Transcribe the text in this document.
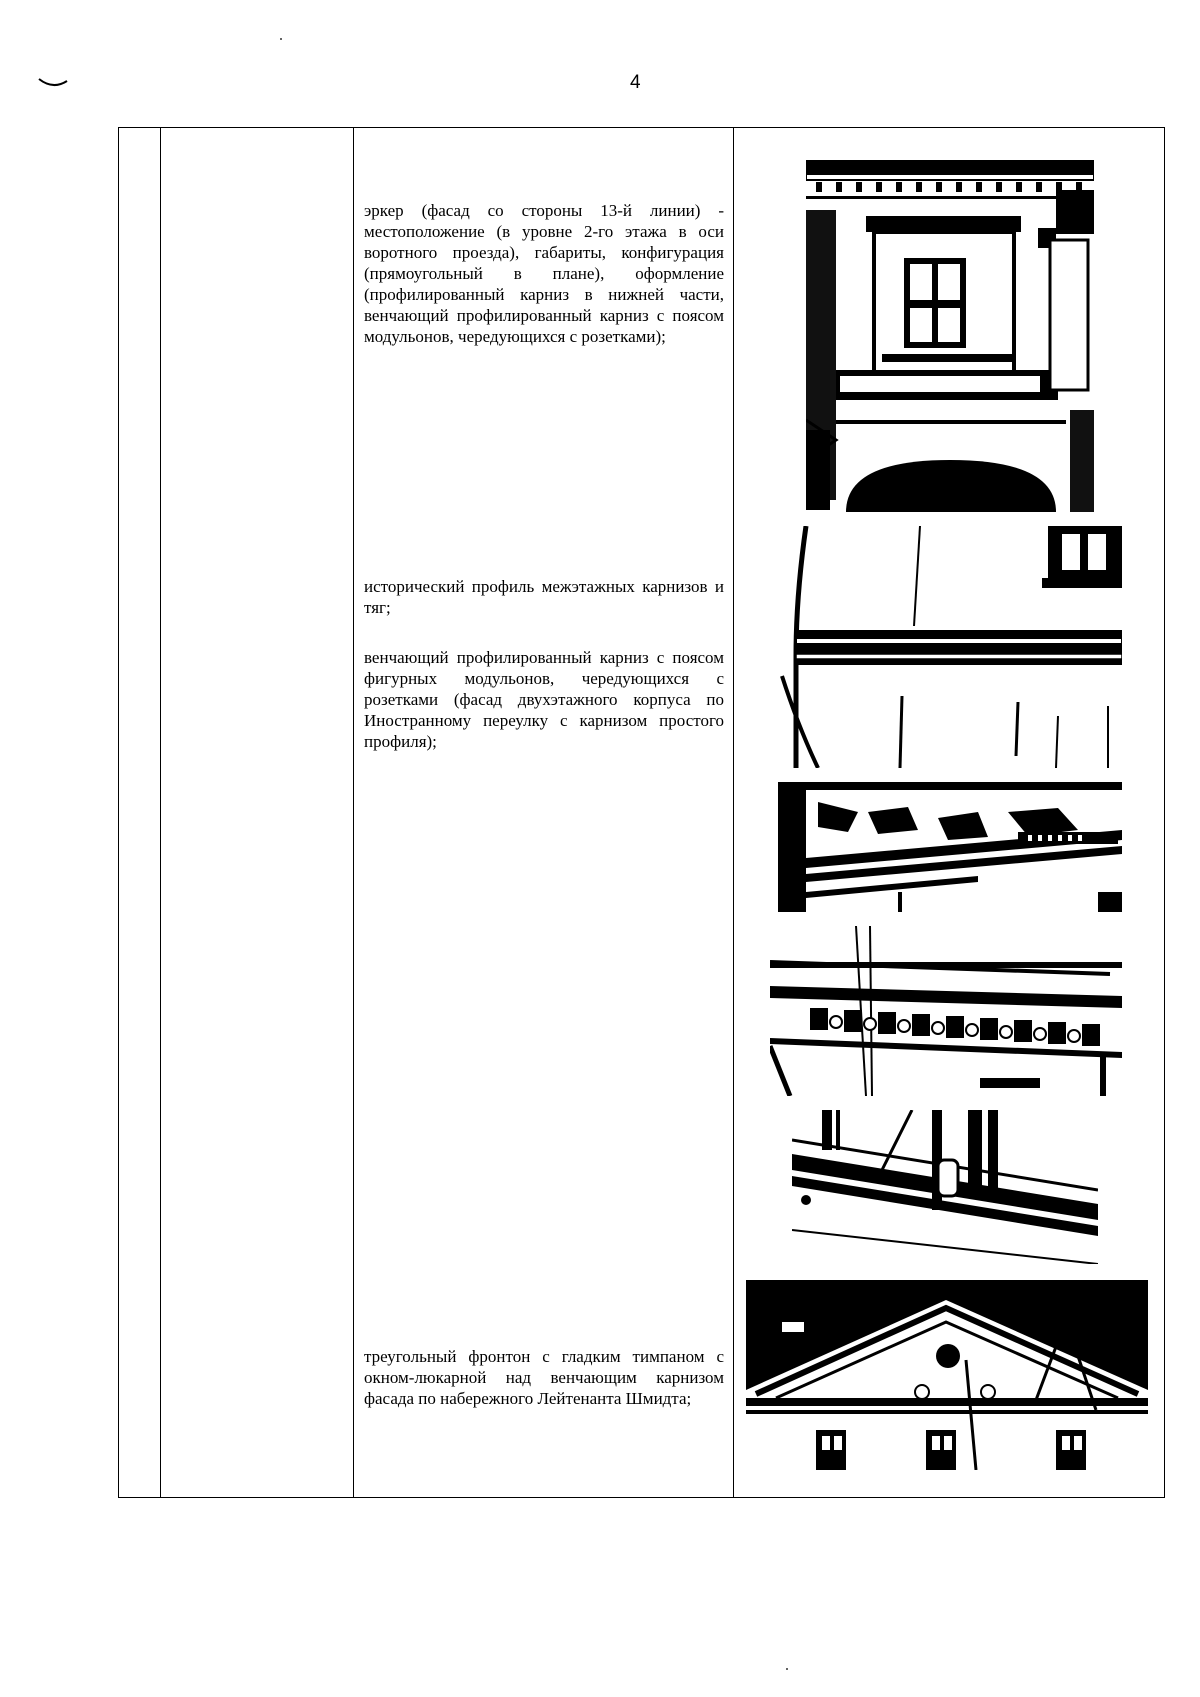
4
эркер (фасад со стороны 13-й линии) - местоположение (в уровне 2-го этажа в оси воротного проезда), габариты, конфигурация (прямоугольный в плане), оформление (профилированный карниз в нижней части, венчающий профилированный карниз с поясом модульонов, чередующихся с розетками);
исторический профиль межэтажных карнизов и тяг;
венчающий профилированный карниз с поясом фигурных модульонов, чередующихся с розетками (фасад двухэтажного корпуса по Иностранному переулку с карнизом простого профиля);
треугольный фронтон с гладким тимпаном с окном-люкарной над венчающим карнизом фасада по набережного Лейтенанта Шмидта;
